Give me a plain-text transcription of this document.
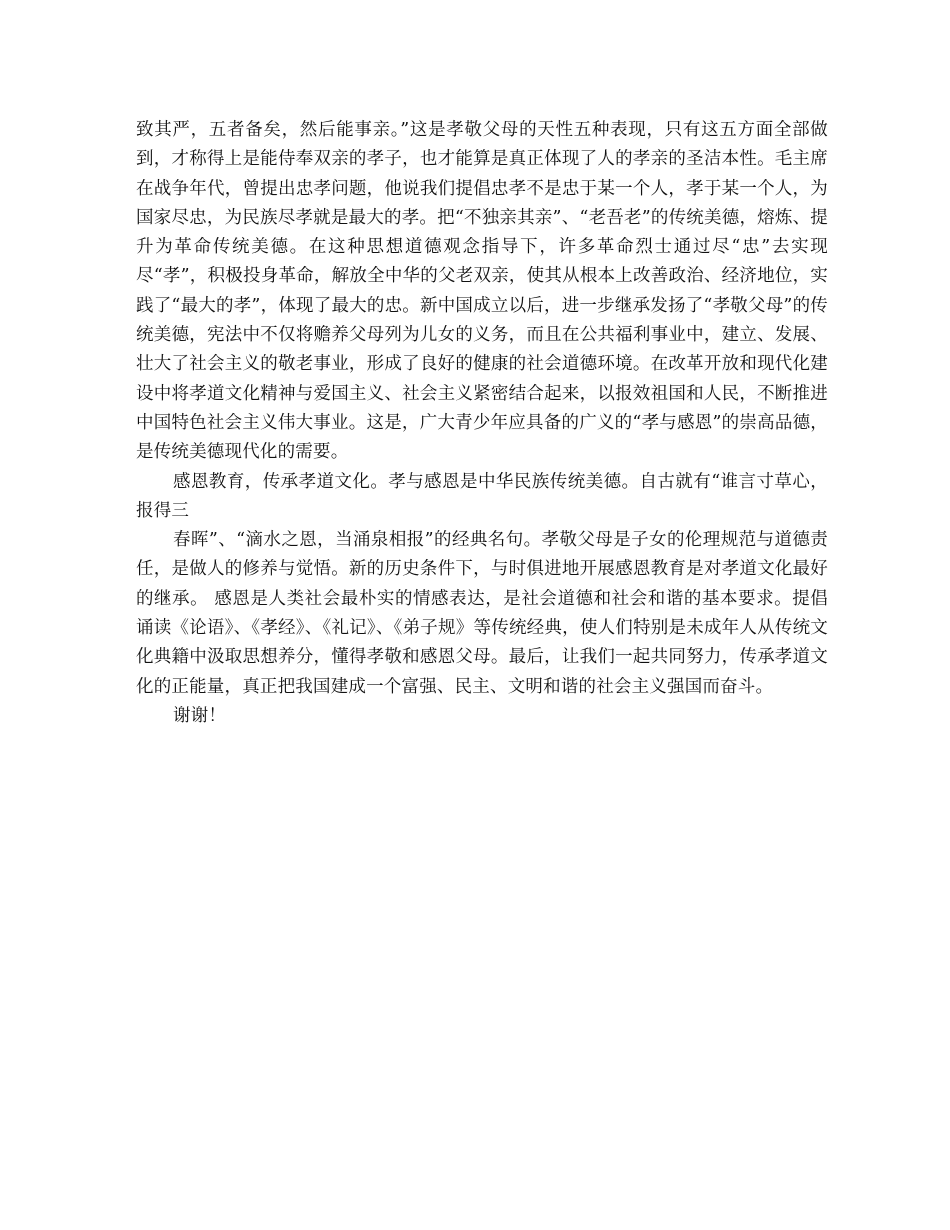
致其严，五者备矣，然后能事亲。”这是孝敬父母的天性五种表现，只有这五方面全部做到，才称得上是能侍奉双亲的孝子，也才能算是真正体现了人的孝亲的圣洁本性。毛主席在战争年代，曾提出忠孝问题，他说我们提倡忠孝不是忠于某一个人，孝于某一个人，为国家尽忠，为民族尽孝就是最大的孝。把“不独亲其亲”、“老吾老”的传统美德，熔炼、提升为革命传统美德。在这种思想道德观念指导下，许多革命烈士通过尽“忠”去实现尽“孝”，积极投身革命，解放全中华的父老双亲，使其从根本上改善政治、经济地位，实践了“最大的孝”，体现了最大的忠。新中国成立以后，进一步继承发扬了“孝敬父母”的传统美德，宪法中不仅将赡养父母列为儿女的义务，而且在公共福利事业中，建立、发展、壮大了社会主义的敬老事业，形成了良好的健康的社会道德环境。在改革开放和现代化建设中将孝道文化精神与爱国主义、社会主义紧密结合起来，以报效祖国和人民，不断推进中国特色社会主义伟大事业。这是，广大青少年应具备的广义的“孝与感恩”的崇高品德，是传统美德现代化的需要。

感恩教育，传承孝道文化。孝与感恩是中华民族传统美德。自古就有“谁言寸草心，报得三

春晖”、“滴水之恩，当涌泉相报”的经典名句。孝敬父母是子女的伦理规范与道德责任，是做人的修养与觉悟。新的历史条件下，与时俱进地开展感恩教育是对孝道文化最好的继承。 感恩是人类社会最朴实的情感表达，是社会道德和社会和谐的基本要求。提倡诵读《论语》、《孝经》、《礼记》、《弟子规》等传统经典，使人们特别是未成年人从传统文化典籍中汲取思想养分，懂得孝敬和感恩父母。最后，让我们一起共同努力，传承孝道文化的正能量，真正把我国建成一个富强、民主、文明和谐的社会主义强国而奋斗。

谢谢！
